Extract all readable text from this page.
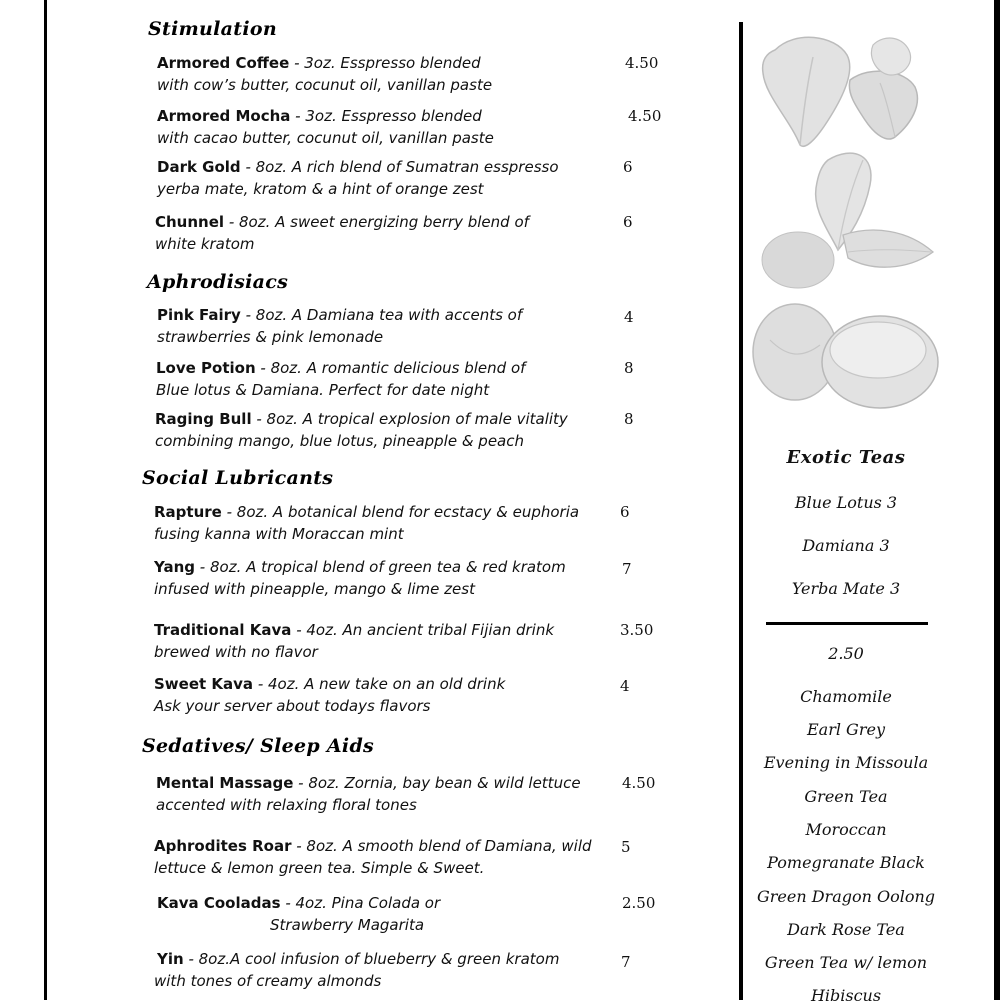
Stimulation
Armored Coffee - 3oz. Esspresso blended
with cow’s butter, cocunut oil, vanillan paste
4.50
Armored Mocha - 3oz. Esspresso blended
with cacao butter, cocunut oil, vanillan paste
4.50
Dark Gold - 8oz. A rich blend of Sumatran esspresso
yerba mate, kratom & a hint of orange zest
6
Chunnel - 8oz. A sweet energizing berry blend of
white kratom
6
Aphrodisiacs
Pink Fairy - 8oz. A Damiana tea with accents of
strawberries & pink lemonade
4
Love Potion - 8oz. A romantic delicious blend of
Blue lotus & Damiana. Perfect for date night
8
Raging Bull - 8oz. A tropical explosion of male vitality
combining mango, blue lotus, pineapple & peach
8
Social Lubricants
Rapture - 8oz. A botanical blend for ecstacy & euphoria
fusing kanna with Moraccan mint
6
Yang - 8oz. A tropical blend of green tea & red kratom
infused with pineapple, mango & lime zest
7
Traditional Kava - 4oz. An ancient tribal Fijian drink
brewed with no flavor
3.50
Sweet Kava - 4oz. A new take on an old drink
Ask your server about todays flavors
4
Sedatives/ Sleep Aids
Mental Massage - 8oz. Zornia, bay bean & wild lettuce
accented with relaxing floral tones
4.50
Aphrodites Roar - 8oz. A smooth blend of Damiana, wild
lettuce & lemon green tea. Simple & Sweet.
5
Kava Cooladas - 4oz. Pina Colada or
Strawberry Magarita
2.50
Yin - 8oz.A cool infusion of blueberry & green kratom
with tones of creamy almonds
7
Exotic Teas
Blue Lotus 3
Damiana 3
Yerba Mate 3
2.50
Chamomile
Earl Grey
Evening in Missoula
Green Tea
Moroccan
Pomegranate Black
Green Dragon Oolong
Dark Rose Tea
Green Tea w/ lemon
Hibiscus
